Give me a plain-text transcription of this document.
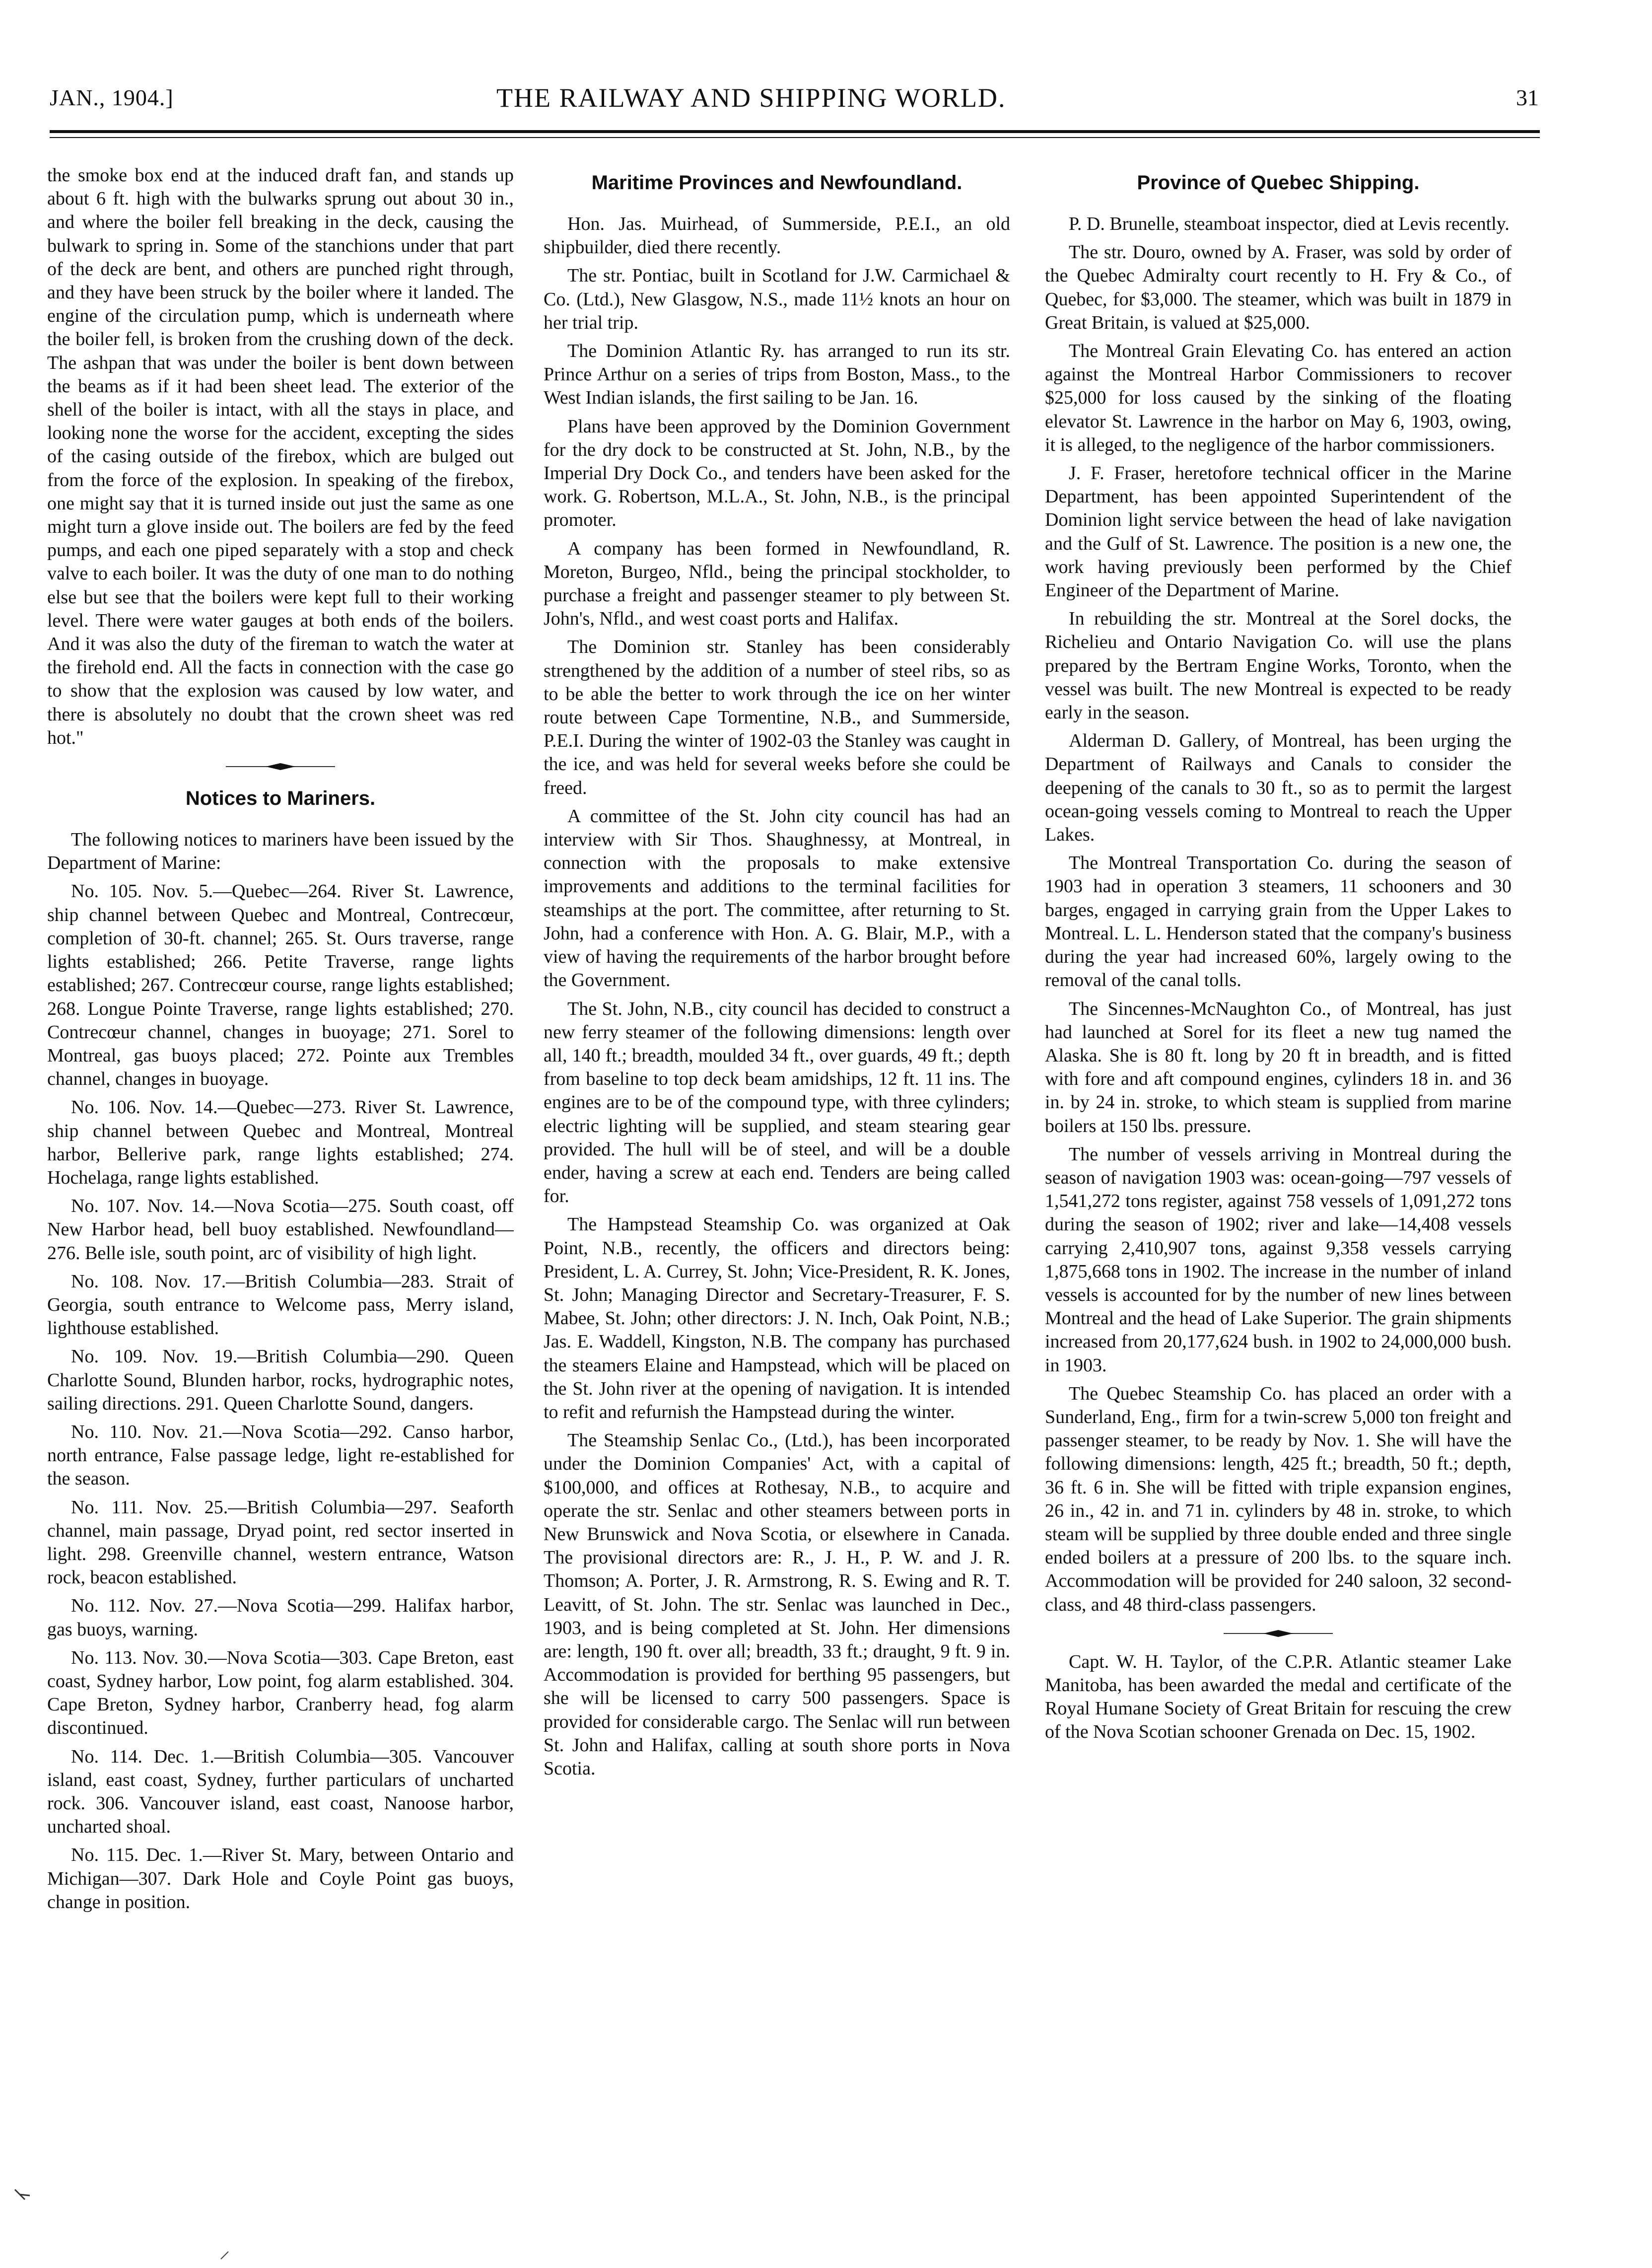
JAN., 1904.]	THE RAILWAY AND SHIPPING WORLD.	31

the smoke box end at the induced draft fan, and stands up about 6 ft. high with the bulwarks sprung out about 30 in., and where the boiler fell breaking in the deck, causing the bulwark to spring in. Some of the stanchions under that part of the deck are bent, and others are punched right through, and they have been struck by the boiler where it landed. The engine of the circulation pump, which is underneath where the boiler fell, is broken from the crushing down of the deck. The ashpan that was under the boiler is bent down between the beams as if it had been sheet lead. The exterior of the shell of the boiler is intact, with all the stays in place, and looking none the worse for the accident, excepting the sides of the casing outside of the firebox, which are bulged out from the force of the explosion. In speaking of the firebox, one might say that it is turned inside out just the same as one might turn a glove inside out. The boilers are fed by the feed pumps, and each one piped separately with a stop and check valve to each boiler. It was the duty of one man to do nothing else but see that the boilers were kept full to their working level. There were water gauges at both ends of the boilers. And it was also the duty of the fireman to watch the water at the firehold end. All the facts in connection with the case go to show that the explosion was caused by low water, and there is absolutely no doubt that the crown sheet was red hot."

Notices to Mariners.

The following notices to mariners have been issued by the Department of Marine:

No. 105. Nov. 5.—Quebec—264. River St. Lawrence, ship channel between Quebec and Montreal, Contrecœur, completion of 30-ft. channel; 265. St. Ours traverse, range lights established; 266. Petite Traverse, range lights established; 267. Contrecœur course, range lights established; 268. Longue Pointe Traverse, range lights established; 270. Contrecœur channel, changes in buoyage; 271. Sorel to Montreal, gas buoys placed; 272. Pointe aux Trembles channel, changes in buoyage.

No. 106. Nov. 14.—Quebec—273. River St. Lawrence, ship channel between Quebec and Montreal, Montreal harbor, Bellerive park, range lights established; 274. Hochelaga, range lights established.

No. 107. Nov. 14.—Nova Scotia—275. South coast, off New Harbor head, bell buoy established. Newfoundland—276. Belle isle, south point, arc of visibility of high light.

No. 108. Nov. 17.—British Columbia—283. Strait of Georgia, south entrance to Welcome pass, Merry island, lighthouse established.

No. 109. Nov. 19.—British Columbia—290. Queen Charlotte Sound, Blunden harbor, rocks, hydrographic notes, sailing directions. 291. Queen Charlotte Sound, dangers.

No. 110. Nov. 21.—Nova Scotia—292. Canso harbor, north entrance, False passage ledge, light re-established for the season.

No. 111. Nov. 25.—British Columbia—297. Seaforth channel, main passage, Dryad point, red sector inserted in light. 298. Greenville channel, western entrance, Watson rock, beacon established.

No. 112. Nov. 27.—Nova Scotia—299. Halifax harbor, gas buoys, warning.

No. 113. Nov. 30.—Nova Scotia—303. Cape Breton, east coast, Sydney harbor, Low point, fog alarm established. 304. Cape Breton, Sydney harbor, Cranberry head, fog alarm discontinued.

No. 114. Dec. 1.—British Columbia—305. Vancouver island, east coast, Sydney, further particulars of uncharted rock. 306. Vancouver island, east coast, Nanoose harbor, uncharted shoal.

No. 115. Dec. 1.—River St. Mary, between Ontario and Michigan—307. Dark Hole and Coyle Point gas buoys, change in position.

Maritime Provinces and Newfoundland.

Hon. Jas. Muirhead, of Summerside, P.E.I., an old shipbuilder, died there recently.

The str. Pontiac, built in Scotland for J.W. Carmichael & Co. (Ltd.), New Glasgow, N.S., made 11½ knots an hour on her trial trip.

The Dominion Atlantic Ry. has arranged to run its str. Prince Arthur on a series of trips from Boston, Mass., to the West Indian islands, the first sailing to be Jan. 16.

Plans have been approved by the Dominion Government for the dry dock to be constructed at St. John, N.B., by the Imperial Dry Dock Co., and tenders have been asked for the work. G. Robertson, M.L.A., St. John, N.B., is the principal promoter.

A company has been formed in Newfoundland, R. Moreton, Burgeo, Nfld., being the principal stockholder, to purchase a freight and passenger steamer to ply between St. John's, Nfld., and west coast ports and Halifax.

The Dominion str. Stanley has been considerably strengthened by the addition of a number of steel ribs, so as to be able the better to work through the ice on her winter route between Cape Tormentine, N.B., and Summerside, P.E.I. During the winter of 1902-03 the Stanley was caught in the ice, and was held for several weeks before she could be freed.

A committee of the St. John city council has had an interview with Sir Thos. Shaughnessy, at Montreal, in connection with the proposals to make extensive improvements and additions to the terminal facilities for steamships at the port. The committee, after returning to St. John, had a conference with Hon. A. G. Blair, M.P., with a view of having the requirements of the harbor brought before the Government.

The St. John, N.B., city council has decided to construct a new ferry steamer of the following dimensions: length over all, 140 ft.; breadth, moulded 34 ft., over guards, 49 ft.; depth from baseline to top deck beam amidships, 12 ft. 11 ins. The engines are to be of the compound type, with three cylinders; electric lighting will be supplied, and steam stearing gear provided. The hull will be of steel, and will be a double ender, having a screw at each end. Tenders are being called for.

The Hampstead Steamship Co. was organized at Oak Point, N.B., recently, the officers and directors being: President, L. A. Currey, St. John; Vice-President, R. K. Jones, St. John; Managing Director and Secretary-Treasurer, F. S. Mabee, St. John; other directors: J. N. Inch, Oak Point, N.B.; Jas. E. Waddell, Kingston, N.B. The company has purchased the steamers Elaine and Hampstead, which will be placed on the St. John river at the opening of navigation. It is intended to refit and refurnish the Hampstead during the winter.

The Steamship Senlac Co., (Ltd.), has been incorporated under the Dominion Companies' Act, with a capital of $100,000, and offices at Rothesay, N.B., to acquire and operate the str. Senlac and other steamers between ports in New Brunswick and Nova Scotia, or elsewhere in Canada. The provisional directors are: R., J. H., P. W. and J. R. Thomson; A. Porter, J. R. Armstrong, R. S. Ewing and R. T. Leavitt, of St. John. The str. Senlac was launched in Dec., 1903, and is being completed at St. John. Her dimensions are: length, 190 ft. over all; breadth, 33 ft.; draught, 9 ft. 9 in. Accommodation is provided for berthing 95 passengers, but she will be licensed to carry 500 passengers. Space is provided for considerable cargo. The Senlac will run between St. John and Halifax, calling at south shore ports in Nova Scotia.

Province of Quebec Shipping.

P. D. Brunelle, steamboat inspector, died at Levis recently.

The str. Douro, owned by A. Fraser, was sold by order of the Quebec Admiralty court recently to H. Fry & Co., of Quebec, for $3,000. The steamer, which was built in 1879 in Great Britain, is valued at $25,000.

The Montreal Grain Elevating Co. has entered an action against the Montreal Harbor Commissioners to recover $25,000 for loss caused by the sinking of the floating elevator St. Lawrence in the harbor on May 6, 1903, owing, it is alleged, to the negligence of the harbor commissioners.

J. F. Fraser, heretofore technical officer in the Marine Department, has been appointed Superintendent of the Dominion light service between the head of lake navigation and the Gulf of St. Lawrence. The position is a new one, the work having previously been performed by the Chief Engineer of the Department of Marine.

In rebuilding the str. Montreal at the Sorel docks, the Richelieu and Ontario Navigation Co. will use the plans prepared by the Bertram Engine Works, Toronto, when the vessel was built. The new Montreal is expected to be ready early in the season.

Alderman D. Gallery, of Montreal, has been urging the Department of Railways and Canals to consider the deepening of the canals to 30 ft., so as to permit the largest ocean-going vessels coming to Montreal to reach the Upper Lakes.

The Montreal Transportation Co. during the season of 1903 had in operation 3 steamers, 11 schooners and 30 barges, engaged in carrying grain from the Upper Lakes to Montreal. L. L. Henderson stated that the company's business during the year had increased 60%, largely owing to the removal of the canal tolls.

The Sincennes-McNaughton Co., of Montreal, has just had launched at Sorel for its fleet a new tug named the Alaska. She is 80 ft. long by 20 ft in breadth, and is fitted with fore and aft compound engines, cylinders 18 in. and 36 in. by 24 in. stroke, to which steam is supplied from marine boilers at 150 lbs. pressure.

The number of vessels arriving in Montreal during the season of navigation 1903 was: ocean-going—797 vessels of 1,541,272 tons register, against 758 vessels of 1,091,272 tons during the season of 1902; river and lake—14,408 vessels carrying 2,410,907 tons, against 9,358 vessels carrying 1,875,668 tons in 1902. The increase in the number of inland vessels is accounted for by the number of new lines between Montreal and the head of Lake Superior. The grain shipments increased from 20,177,624 bush. in 1902 to 24,000,000 bush. in 1903.

The Quebec Steamship Co. has placed an order with a Sunderland, Eng., firm for a twin-screw 5,000 ton freight and passenger steamer, to be ready by Nov. 1. She will have the following dimensions: length, 425 ft.; breadth, 50 ft.; depth, 36 ft. 6 in. She will be fitted with triple expansion engines, 26 in., 42 in. and 71 in. cylinders by 48 in. stroke, to which steam will be supplied by three double ended and three single ended boilers at a pressure of 200 lbs. to the square inch. Accommodation will be provided for 240 saloon, 32 second-class, and 48 third-class passengers.

Capt. W. H. Taylor, of the C.P.R. Atlantic steamer Lake Manitoba, has been awarded the medal and certificate of the Royal Humane Society of Great Britain for rescuing the crew of the Nova Scotian schooner Grenada on Dec. 15, 1902.
